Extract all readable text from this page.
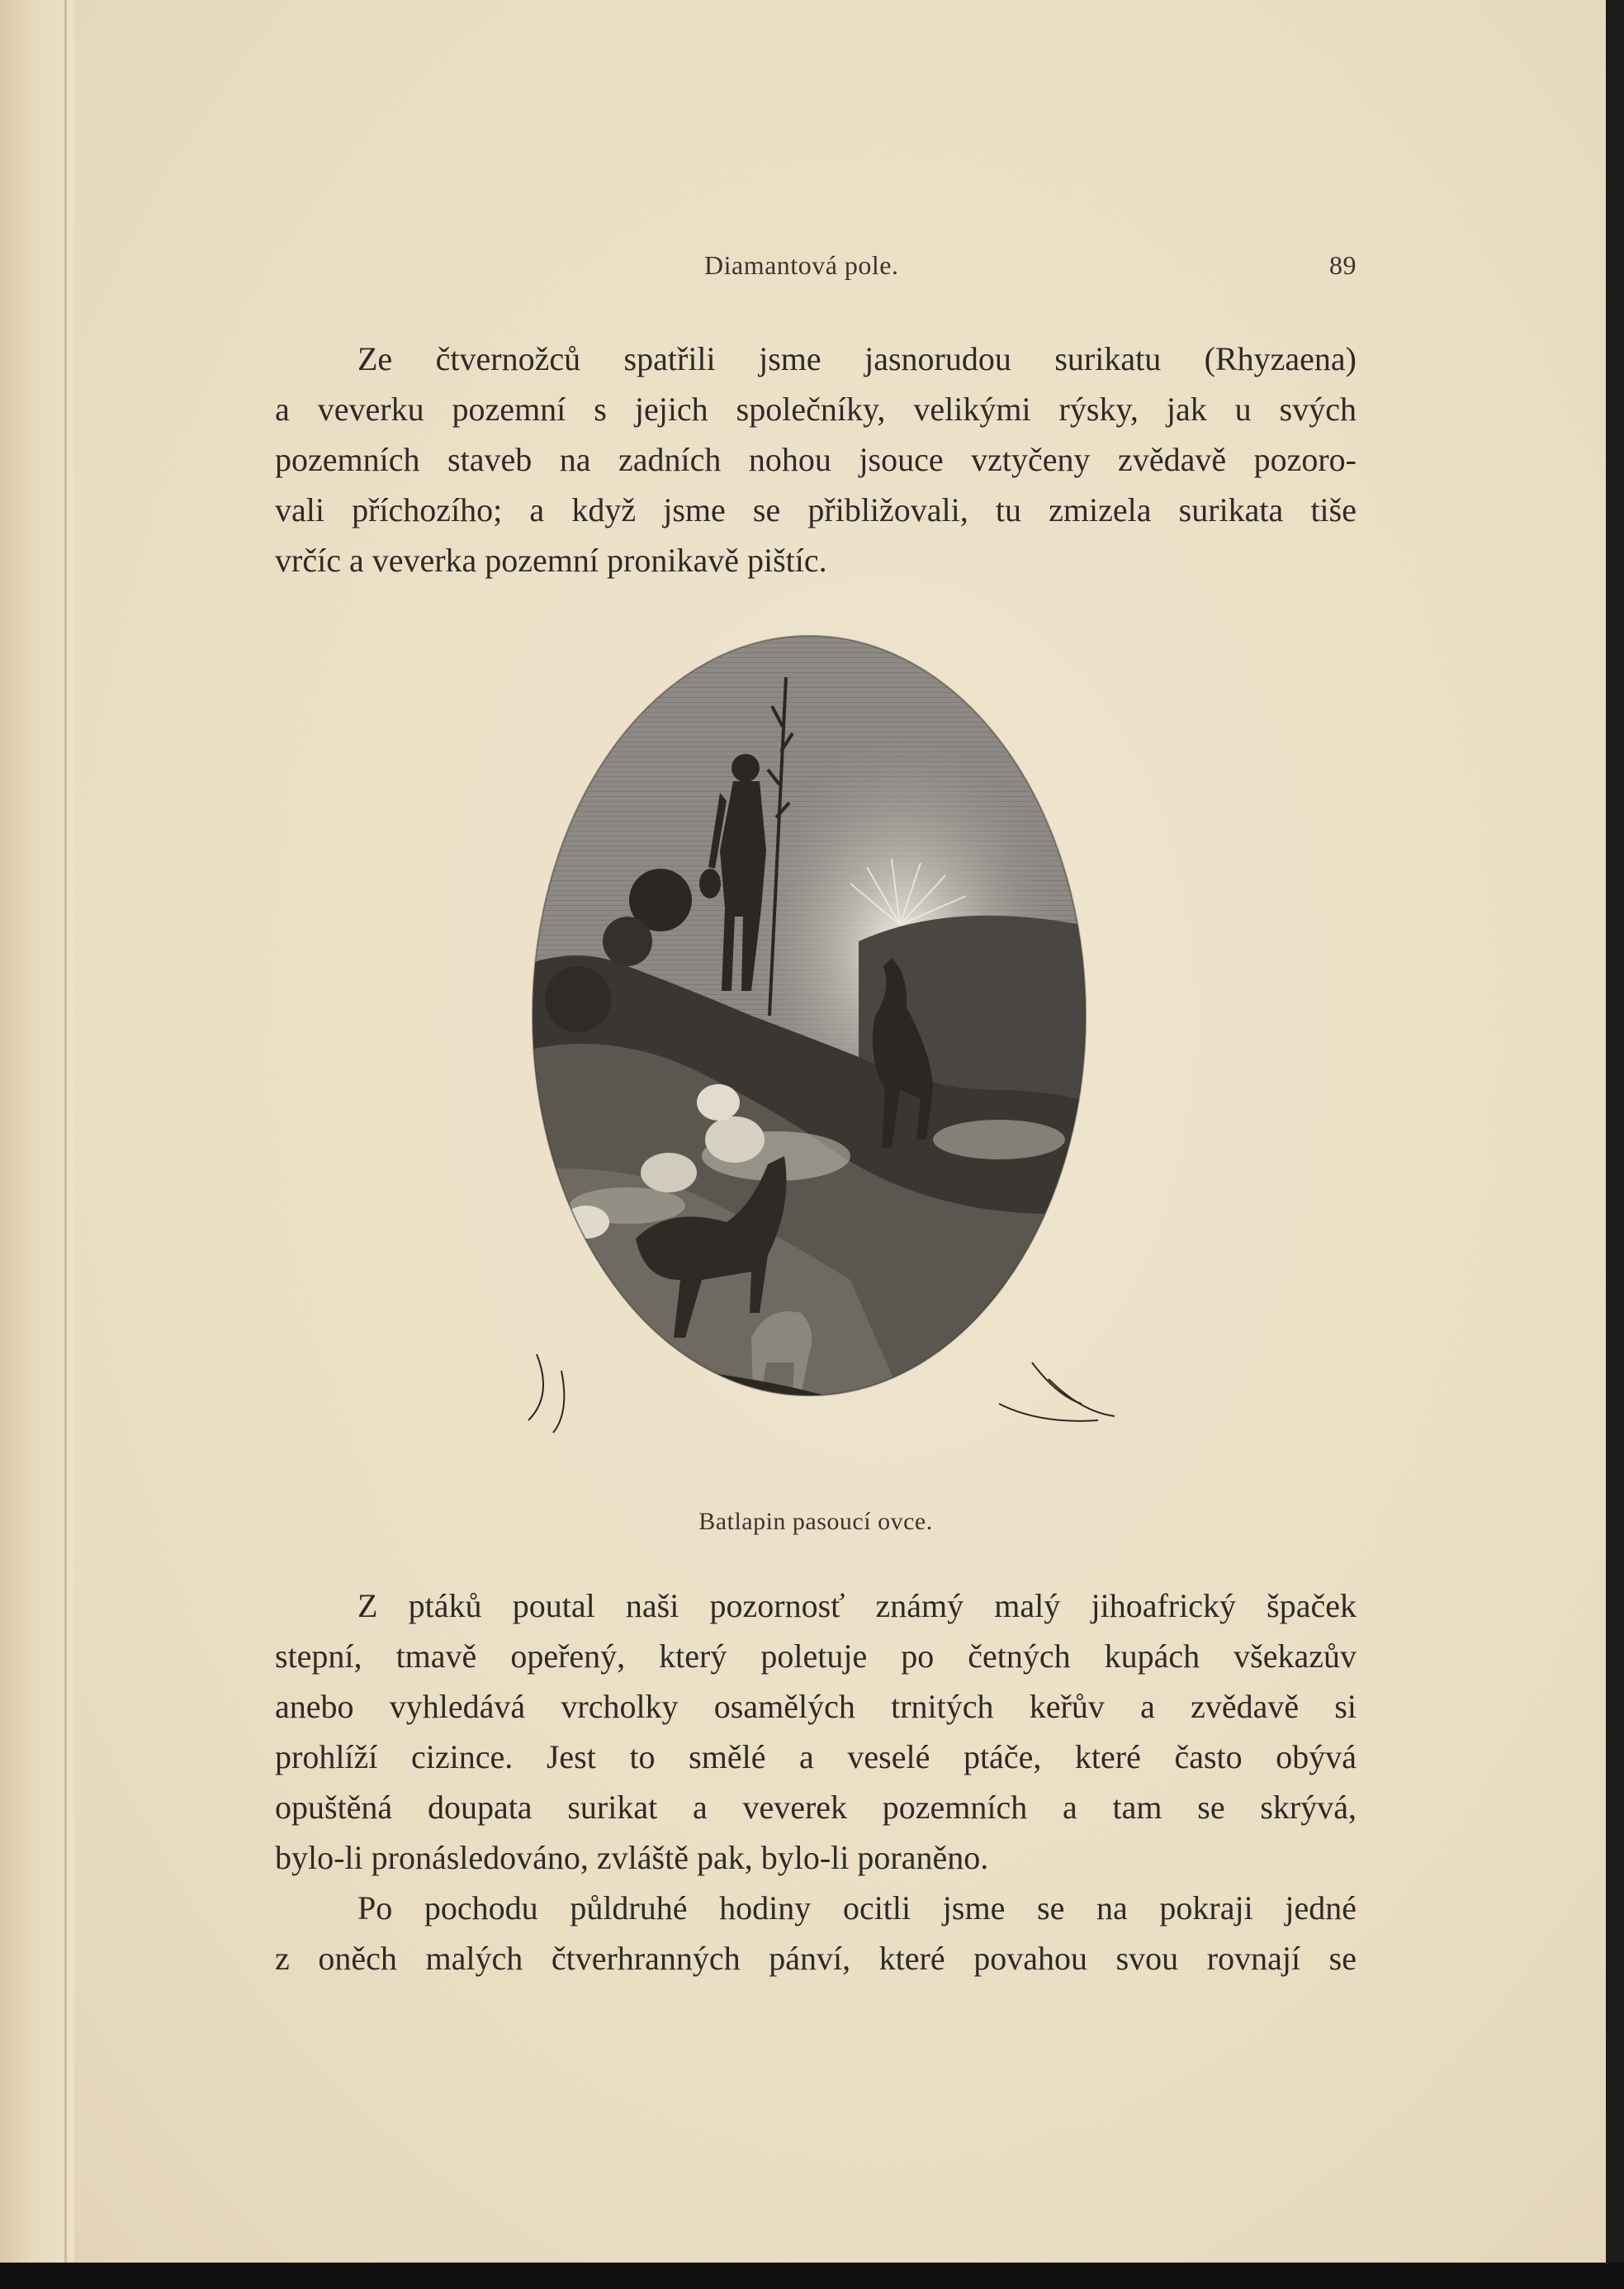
Diamantová pole.	89

Ze čtvernožců spatřili jsme jasnorudou surikatu (Rhyzaena)
a veverku pozemní s jejich společníky, velikými rýsky, jak u svých
pozemních staveb na zadních nohou jsouce vztyčeny zvědavě pozoro-
vali příchozího; a když jsme se přibližovali, tu zmizela surikata tiše
vrčíc a veverka pozemní pronikavě pištíc.

Batlapin pasoucí ovce.

Z ptáků poutal naši pozornosť známý malý jihoafrický špaček
stepní, tmavě opeřený, který poletuje po četných kupách všekazův
anebo vyhledává vrcholky osamělých trnitých keřův a zvědavě si
prohlíží cizince. Jest to smělé a veselé ptáče, které často obývá
opuštěná doupata surikat a veverek pozemních a tam se skrývá,
bylo-li pronásledováno, zvláště pak, bylo-li poraněno.

Po pochodu půldruhé hodiny ocitli jsme se na pokraji jedné
z oněch malých čtverhranných pánví, které povahou svou rovnají se
